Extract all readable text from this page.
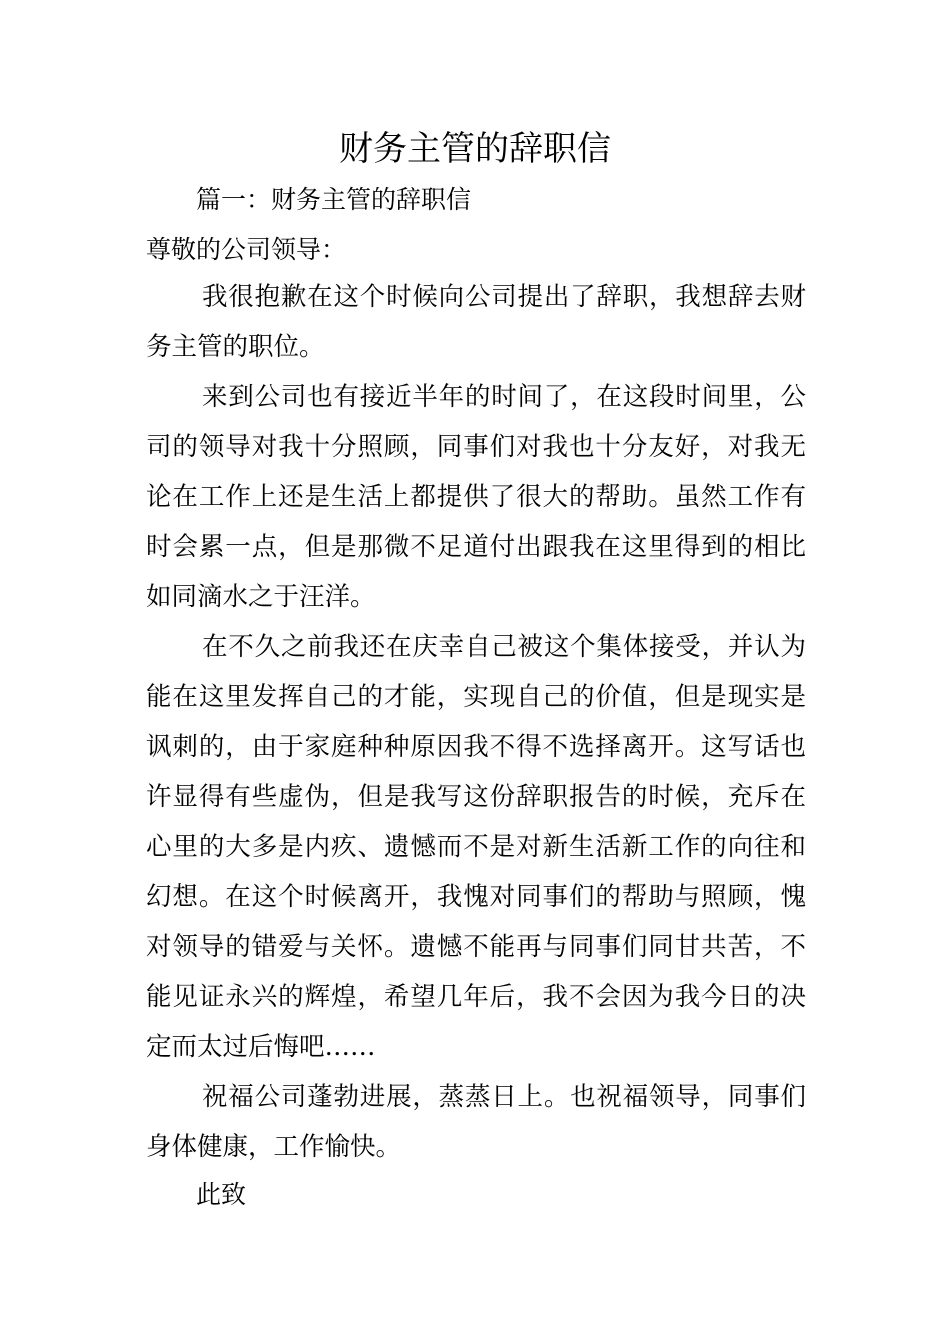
财务主管的辞职信

篇一：财务主管的辞职信

尊敬的公司领导：

我很抱歉在这个时候向公司提出了辞职，我想辞去财
务主管的职位。

来到公司也有接近半年的时间了，在这段时间里，公
司的领导对我十分照顾，同事们对我也十分友好，对我无
论在工作上还是生活上都提供了很大的帮助。虽然工作有
时会累一点，但是那微不足道付出跟我在这里得到的相比
如同滴水之于汪洋。

在不久之前我还在庆幸自己被这个集体接受，并认为
能在这里发挥自己的才能，实现自己的价值，但是现实是
讽刺的，由于家庭种种原因我不得不选择离开。这写话也
许显得有些虚伪，但是我写这份辞职报告的时候，充斥在
心里的大多是内疚、遗憾而不是对新生活新工作的向往和
幻想。在这个时候离开，我愧对同事们的帮助与照顾，愧
对领导的错爱与关怀。遗憾不能再与同事们同甘共苦，不
能见证永兴的辉煌，希望几年后，我不会因为我今日的决
定而太过后悔吧……

祝福公司蓬勃进展，蒸蒸日上。也祝福领导，同事们
身体健康，工作愉快。

此致
